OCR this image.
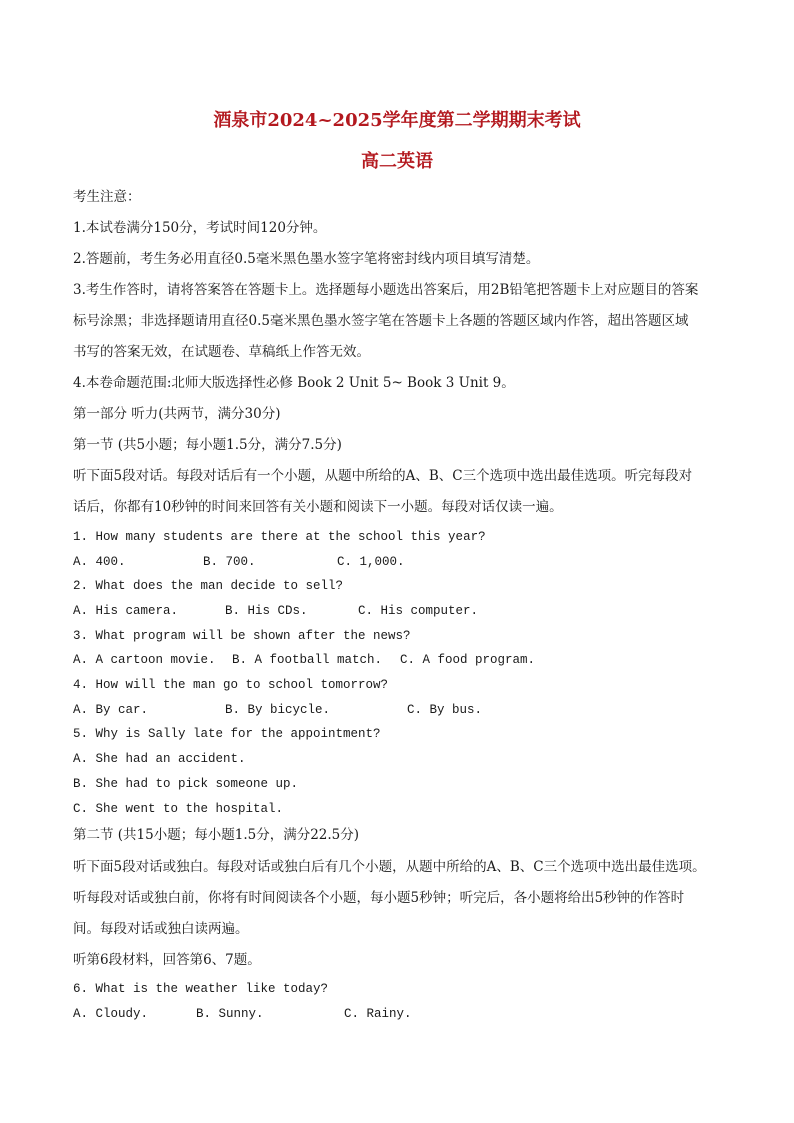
酒泉市2024~2025学年度第二学期期末考试
高二英语
考生注意：
1.本试卷满分150分，考试时间120分钟。
2.答题前，考生务必用直径0.5毫米黑色墨水签字笔将密封线内项目填写清楚。
3.考生作答时，请将答案答在答题卡上。选择题每小题选出答案后，用2B铅笔把答题卡上对应题目的答案
标号涂黑；非选择题请用直径0.5毫米黑色墨水签字笔在答题卡上各题的答题区域内作答，超出答题区域
书写的答案无效，在试题卷、草稿纸上作答无效。
4.本卷命题范围:北师大版选择性必修 Book 2 Unit 5~ Book 3 Unit 9。
第一部分 听力(共两节，满分30分)
第一节 (共5小题；每小题1.5分，满分7.5分)
听下面5段对话。每段对话后有一个小题，从题中所给的A、B、C三个选项中选出最佳选项。听完每段对
话后，你都有10秒钟的时间来回答有关小题和阅读下一小题。每段对话仅读一遍。
1. How many students are there at the school this year?
A. 400.	B. 700.	C. 1,000.
2. What does the man decide to sell?
A. His camera.	B. His CDs.	C. His computer.
3. What program will be shown after the news?
A. A cartoon movie. B. A football match. C. A food program.
4. How will the man go to school tomorrow?
A. By car.	B. By bicycle.	C. By bus.
5. Why is Sally late for the appointment?
A. She had an accident.
B. She had to pick someone up.
C. She went to the hospital.
第二节 (共15小题；每小题1.5分，满分22.5分)
听下面5段对话或独白。每段对话或独白后有几个小题，从题中所给的A、B、C三个选项中选出最佳选项。
听每段对话或独白前，你将有时间阅读各个小题，每小题5秒钟；听完后，各小题将给出5秒钟的作答时
间。每段对话或独白读两遍。
听第6段材料，回答第6、7题。
6. What is the weather like today?
A. Cloudy.	B. Sunny.	C. Rainy.
